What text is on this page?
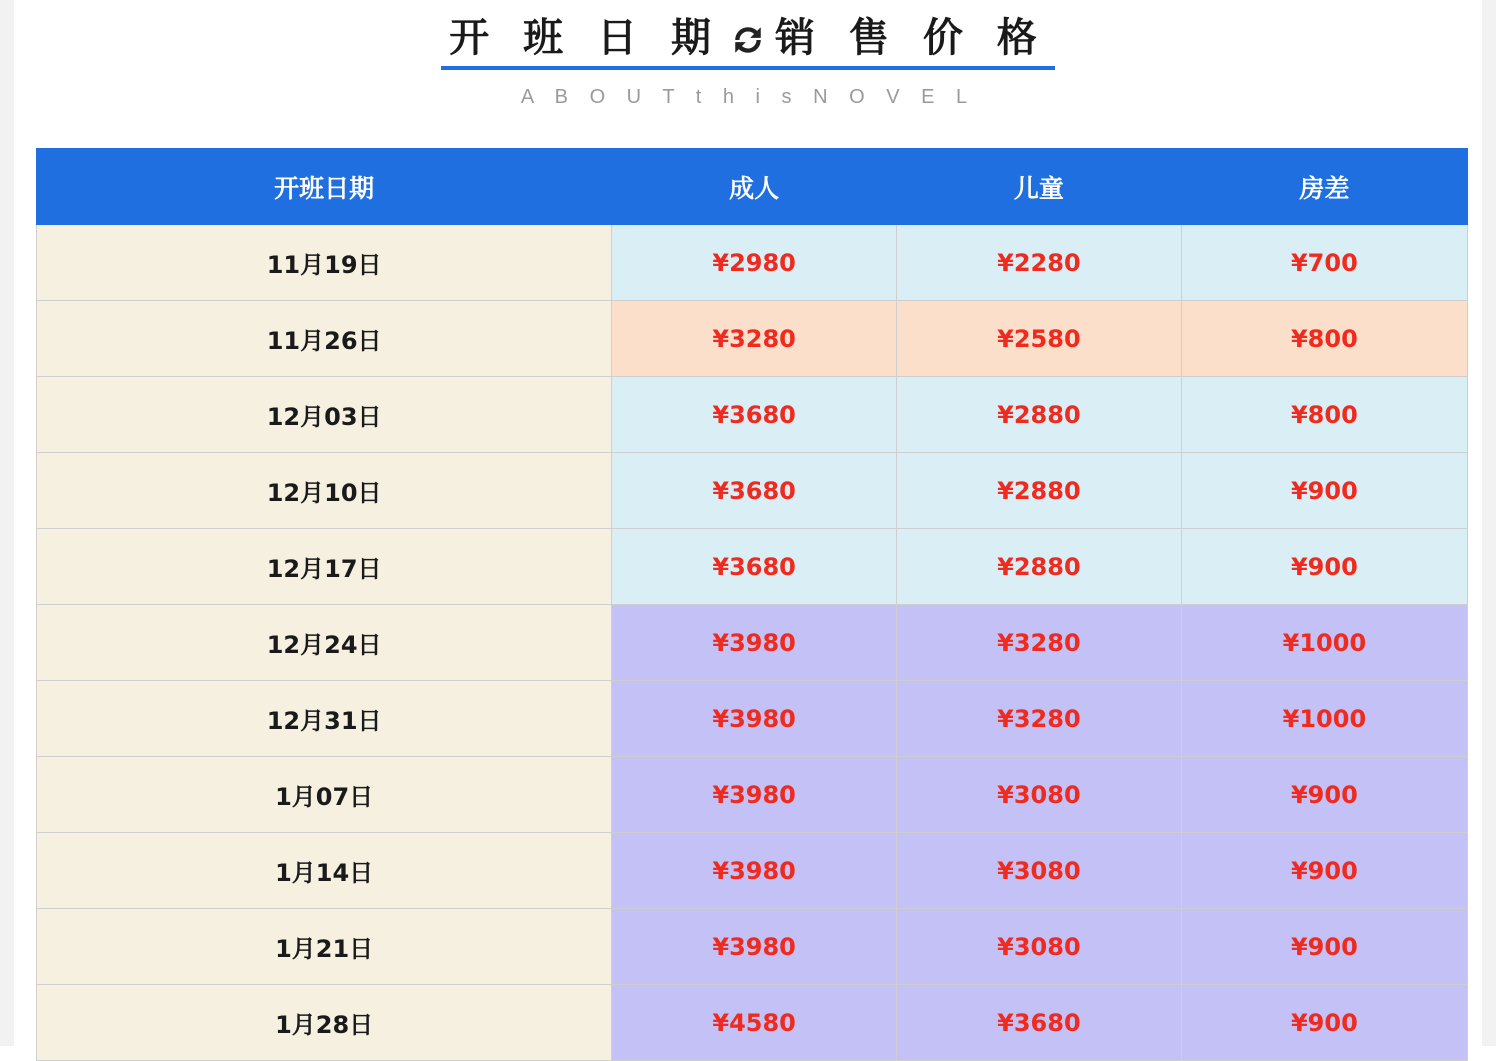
开 班 日 期 销 售 价 格
A B O U T t h i s N O V E L
开班日期	成人	儿童	房差
11月19日	¥2980	¥2280	¥700
11月26日	¥3280	¥2580	¥800
12月03日	¥3680	¥2880	¥800
12月10日	¥3680	¥2880	¥900
12月17日	¥3680	¥2880	¥900
12月24日	¥3980	¥3280	¥1000
12月31日	¥3980	¥3280	¥1000
1月07日	¥3980	¥3080	¥900
1月14日	¥3980	¥3080	¥900
1月21日	¥3980	¥3080	¥900
1月28日	¥4580	¥3680	¥900
